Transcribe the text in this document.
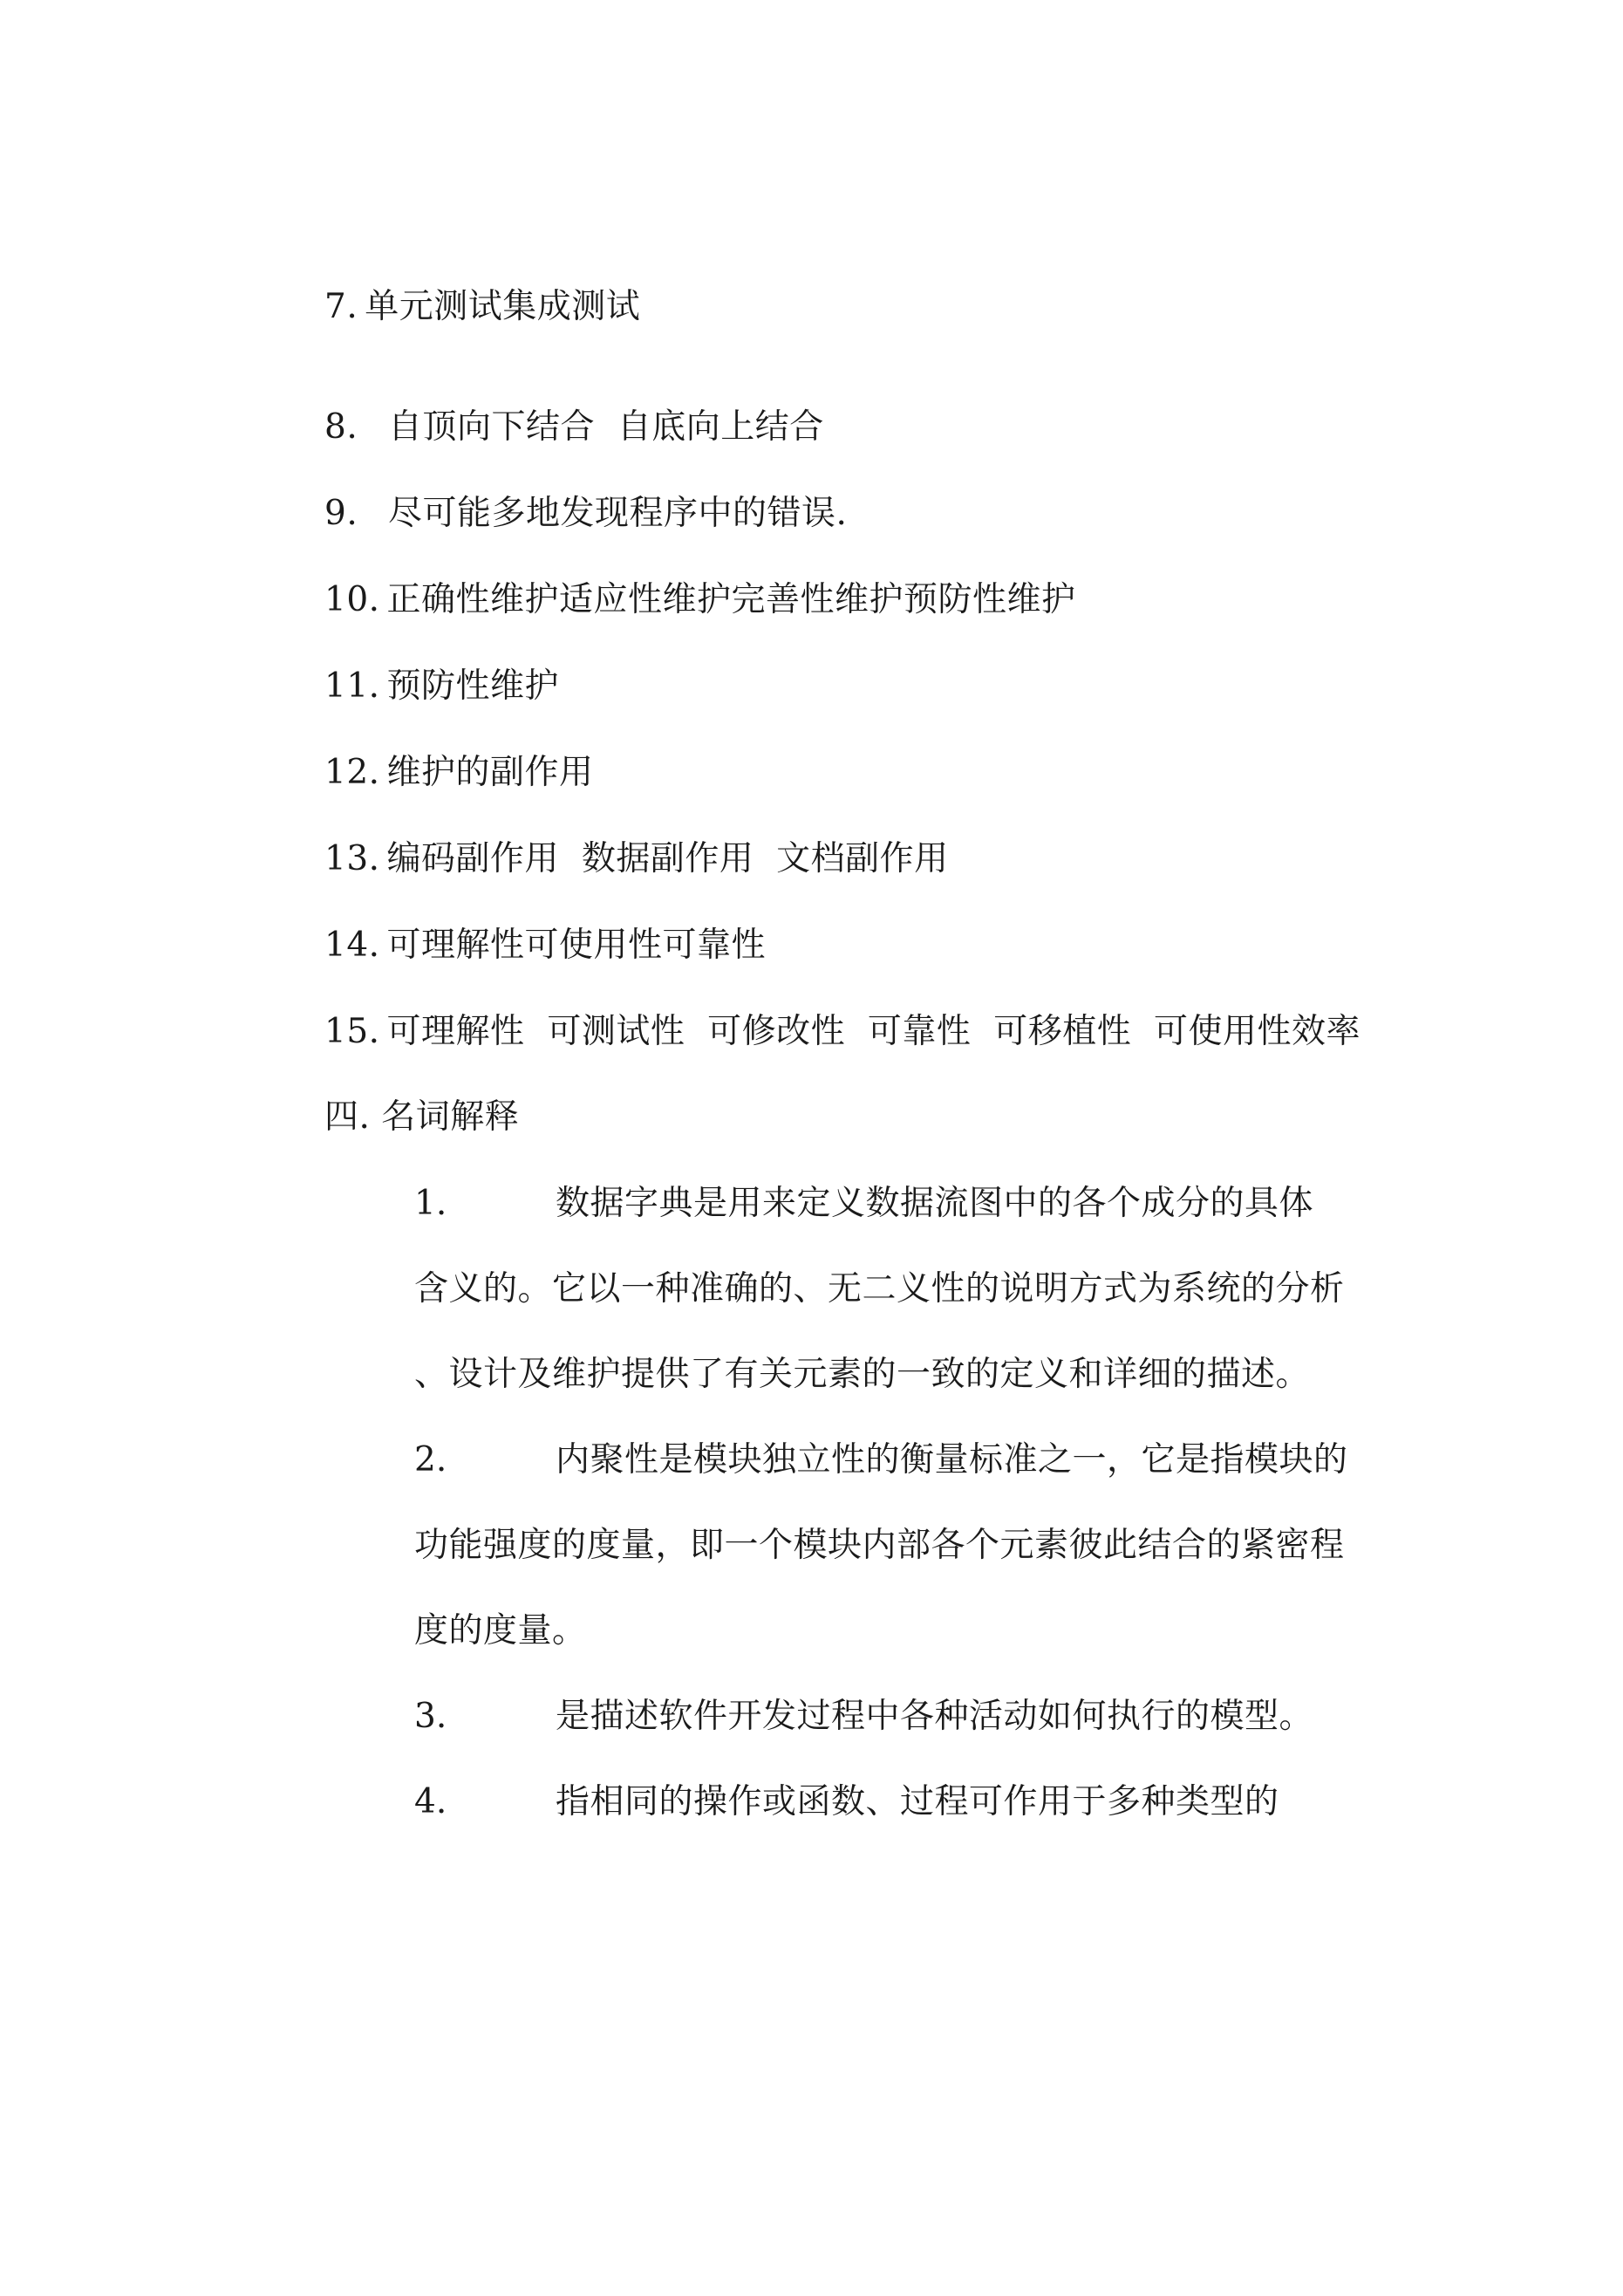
7. 单元测试集成测试
8. 自顶向下结合  自底向上结合
9. 尽可能多地发现程序中的错误.
10. 正确性维护适应性维护完善性维护预防性维护
11. 预防性维护
12. 维护的副作用
13. 编码副作用  数据副作用  文档副作用
14. 可理解性可使用性可靠性
15. 可理解性  可测试性  可修改性  可靠性  可移植性  可使用性效率
四. 名词解释
1.	数据字典是用来定义数据流图中的各个成分的具体
含义的。它以一种准确的、无二义性的说明方式为系统的分析
、设计及维护提供了有关元素的一致的定义和详细的描述。
2.	内聚性是模块独立性的衡量标准之一，它是指模块的
功能强度的度量，即一个模块内部各个元素彼此结合的紧密程
度的度量。
3.	是描述软件开发过程中各种活动如何执行的模型。
4.	指相同的操作或函数、过程可作用于多种类型的
